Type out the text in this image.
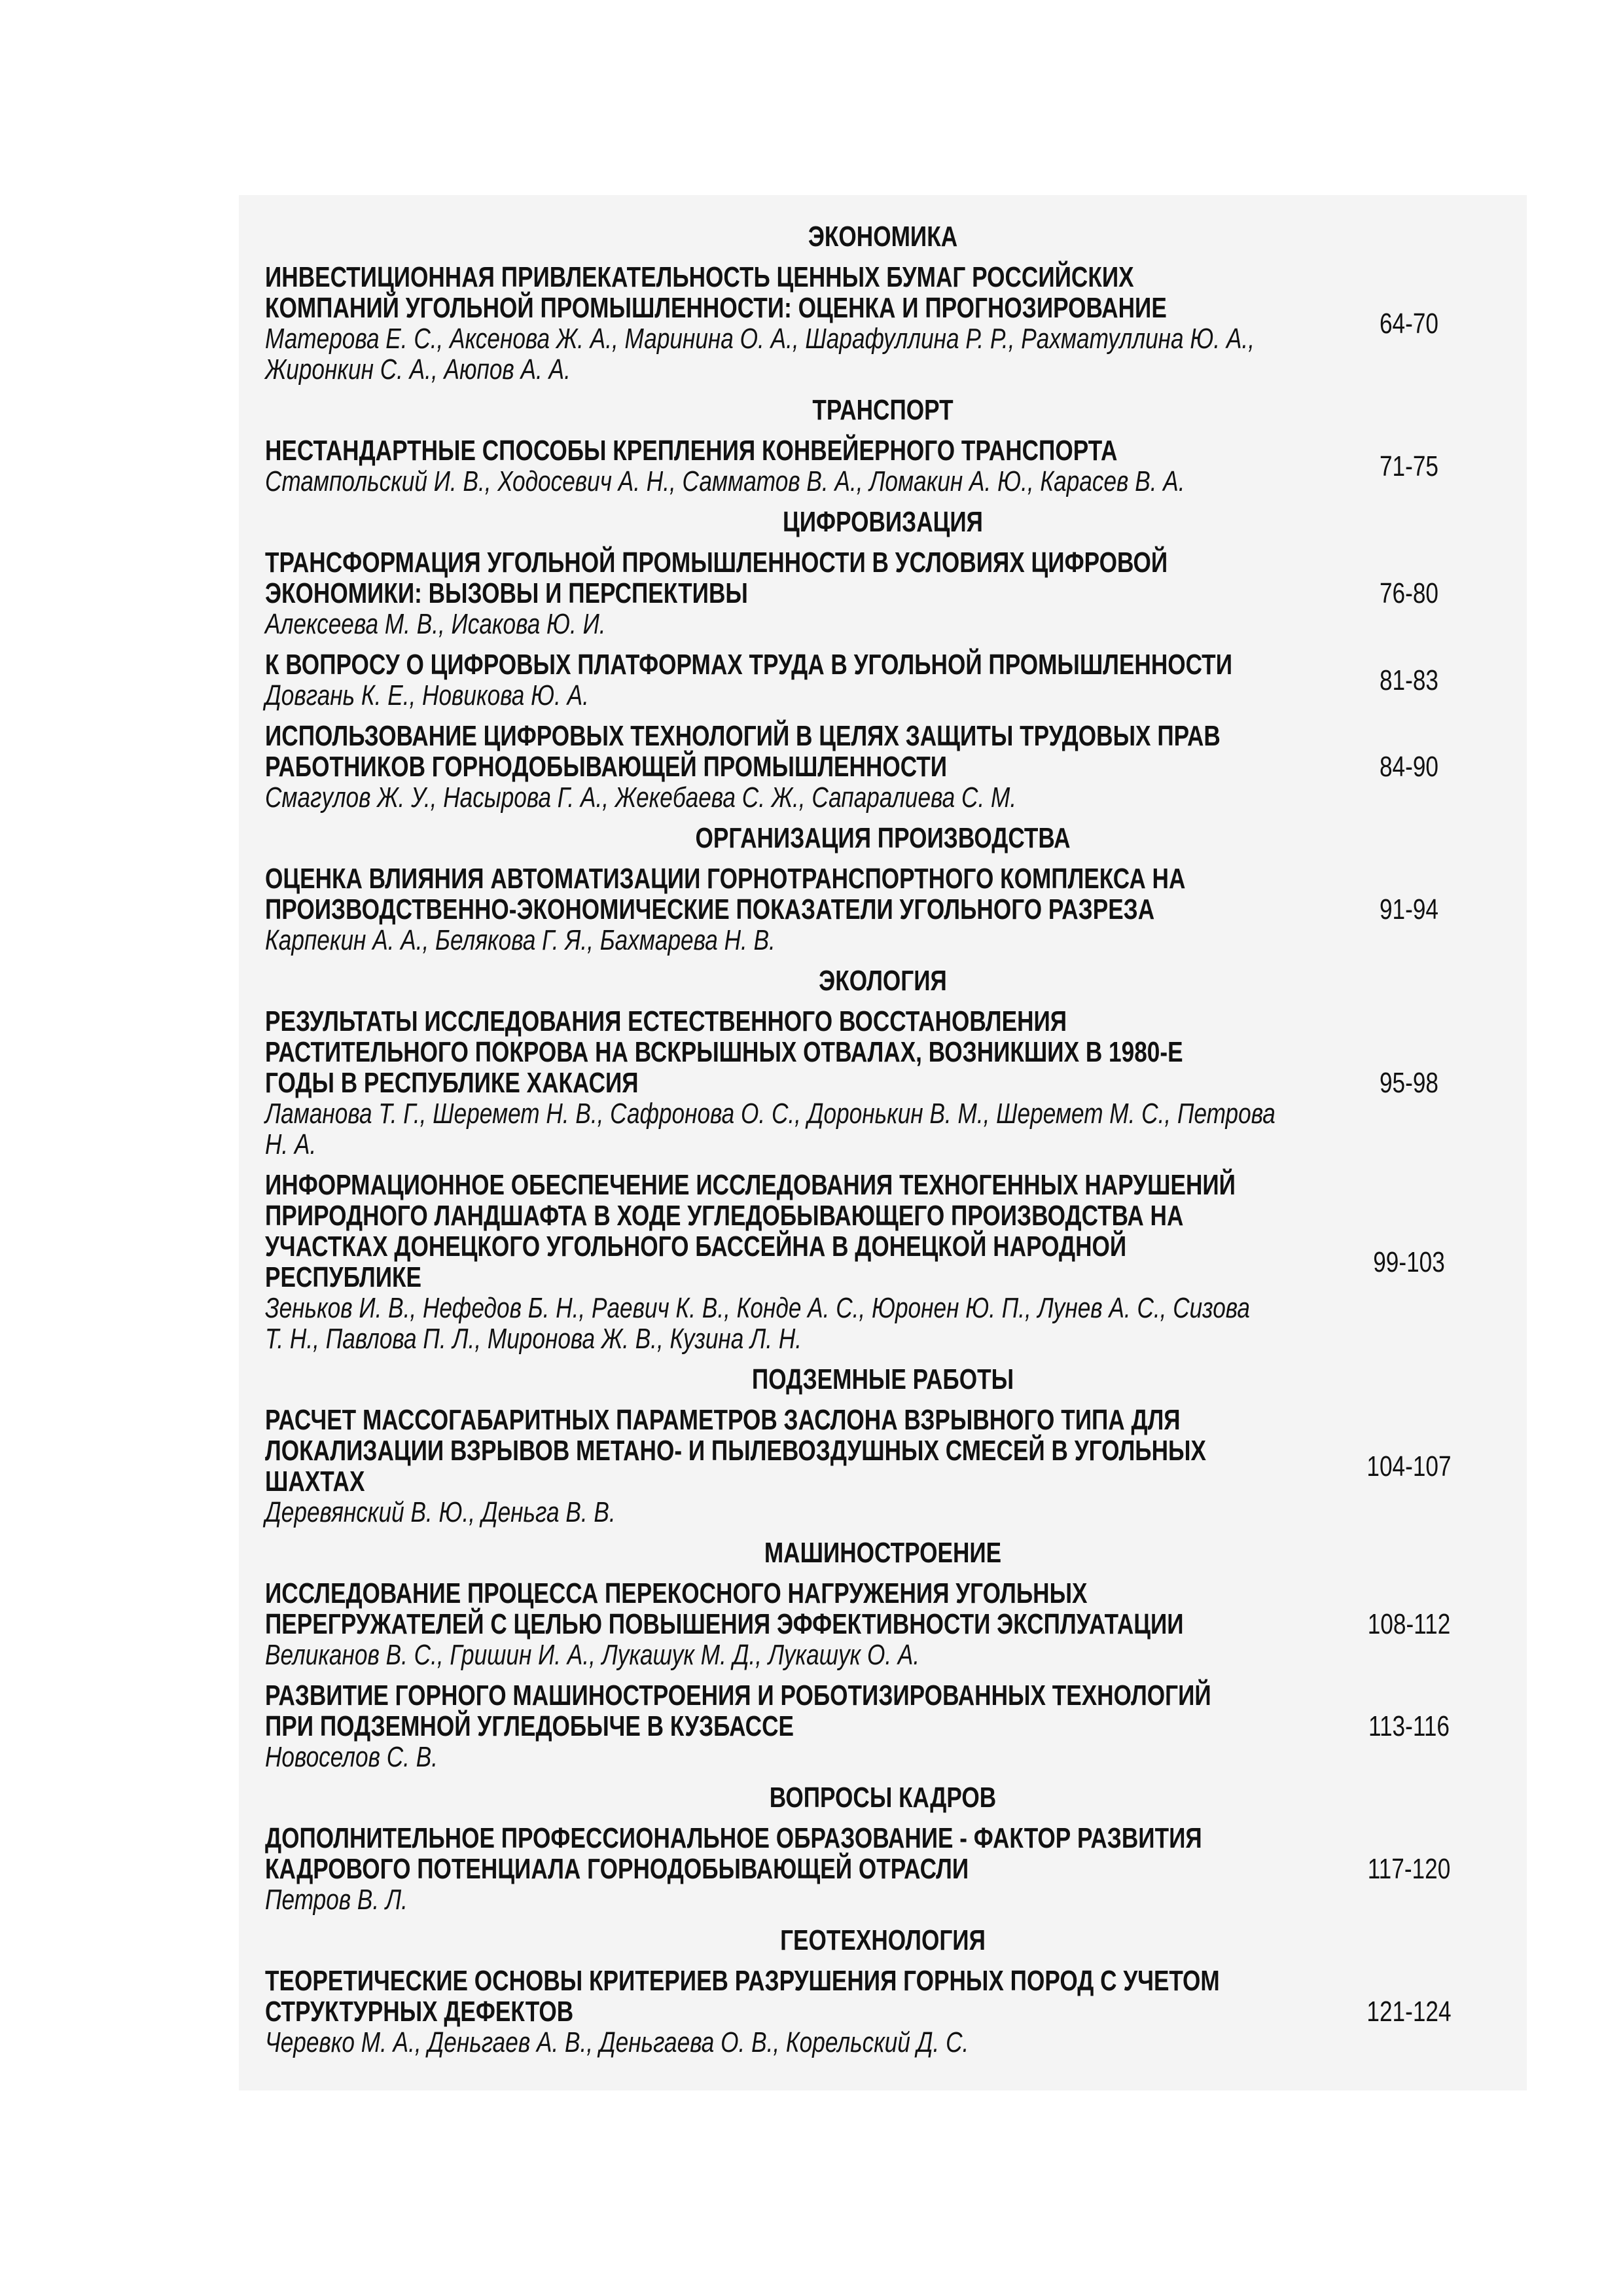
ЭКОНОМИКА
ИНВЕСТИЦИОННАЯ ПРИВЛЕКАТЕЛЬНОСТЬ ЦЕННЫХ БУМАГ РОССИЙСКИХ
КОМПАНИЙ УГОЛЬНОЙ ПРОМЫШЛЕННОСТИ: ОЦЕНКА И ПРОГНОЗИРОВАНИЕ
Матерова Е. С., Аксенова Ж. А., Маринина О. А., Шарафуллина Р. Р., Рахматуллина Ю. А.,
Жиронкин С. А., Аюпов А. А.
64-70
ТРАНСПОРТ
НЕСТАНДАРТНЫЕ СПОСОБЫ КРЕПЛЕНИЯ КОНВЕЙЕРНОГО ТРАНСПОРТА
Стампольский И. В., Ходосевич А. Н., Самматов В. А., Ломакин А. Ю., Карасев В. А.	71-75
ЦИФРОВИЗАЦИЯ
ТРАНСФОРМАЦИЯ УГОЛЬНОЙ ПРОМЫШЛЕННОСТИ В УСЛОВИЯХ ЦИФРОВОЙ
ЭКОНОМИКИ: ВЫЗОВЫ И ПЕРСПЕКТИВЫ
Алексеева М. В., Исакова Ю. И.
76-80
К ВОПРОСУ О ЦИФРОВЫХ ПЛАТФОРМАХ ТРУДА В УГОЛЬНОЙ ПРОМЫШЛЕННОСТИ
Довгань К. Е., Новикова Ю. А.	81-83
ИСПОЛЬЗОВАНИЕ ЦИФРОВЫХ ТЕХНОЛОГИЙ В ЦЕЛЯХ ЗАЩИТЫ ТРУДОВЫХ ПРАВ
РАБОТНИКОВ ГОРНОДОБЫВАЮЩЕЙ ПРОМЫШЛЕННОСТИ
Смагулов Ж. У., Насырова Г. А., Жекебаева С. Ж., Сапаралиева С. М.
84-90
ОРГАНИЗАЦИЯ ПРОИЗВОДСТВА
ОЦЕНКА ВЛИЯНИЯ АВТОМАТИЗАЦИИ ГОРНОТРАНСПОРТНОГО КОМПЛЕКСА НА
ПРОИЗВОДСТВЕННО-ЭКОНОМИЧЕСКИЕ ПОКАЗАТЕЛИ УГОЛЬНОГО РАЗРЕЗА
Карпекин А. А., Белякова Г. Я., Бахмарева Н. В.
91-94
ЭКОЛОГИЯ
РЕЗУЛЬТАТЫ ИССЛЕДОВАНИЯ ЕСТЕСТВЕННОГО ВОССТАНОВЛЕНИЯ
РАСТИТЕЛЬНОГО ПОКРОВА НА ВСКРЫШНЫХ ОТВАЛАХ, ВОЗНИКШИХ В 1980-Е
ГОДЫ В РЕСПУБЛИКЕ ХАКАСИЯ
Ламанова Т. Г., Шеремет Н. В., Сафронова О. С., Доронькин В. М., Шеремет М. С., Петрова
Н. А.
95-98
ИНФОРМАЦИОННОЕ ОБЕСПЕЧЕНИЕ ИССЛЕДОВАНИЯ ТЕХНОГЕННЫХ НАРУШЕНИЙ
ПРИРОДНОГО ЛАНДШАФТА В ХОДЕ УГЛЕДОБЫВАЮЩЕГО ПРОИЗВОДСТВА НА
УЧАСТКАХ ДОНЕЦКОГО УГОЛЬНОГО БАССЕЙНА В ДОНЕЦКОЙ НАРОДНОЙ
РЕСПУБЛИКЕ
Зеньков И. В., Нефедов Б. Н., Раевич К. В., Конде А. С., Юронен Ю. П., Лунев А. С., Сизова
Т. Н., Павлова П. Л., Миронова Ж. В., Кузина Л. Н.
99-103
ПОДЗЕМНЫЕ РАБОТЫ
РАСЧЕТ МАССОГАБАРИТНЫХ ПАРАМЕТРОВ ЗАСЛОНА ВЗРЫВНОГО ТИПА ДЛЯ
ЛОКАЛИЗАЦИИ ВЗРЫВОВ МЕТАНО- И ПЫЛЕВОЗДУШНЫХ СМЕСЕЙ В УГОЛЬНЫХ
ШАХТАХ
Деревянский В. Ю., Деньга В. В.
104-107
МАШИНОСТРОЕНИЕ
ИССЛЕДОВАНИЕ ПРОЦЕССА ПЕРЕКОСНОГО НАГРУЖЕНИЯ УГОЛЬНЫХ
ПЕРЕГРУЖАТЕЛЕЙ С ЦЕЛЬЮ ПОВЫШЕНИЯ ЭФФЕКТИВНОСТИ ЭКСПЛУАТАЦИИ
Великанов В. С., Гришин И. А., Лукашук М. Д., Лукашук О. А.
108-112
РАЗВИТИЕ ГОРНОГО МАШИНОСТРОЕНИЯ И РОБОТИЗИРОВАННЫХ ТЕХНОЛОГИЙ
ПРИ ПОДЗЕМНОЙ УГЛЕДОБЫЧЕ В КУЗБАССЕ
Новоселов С. В.
113-116
ВОПРОСЫ КАДРОВ
ДОПОЛНИТЕЛЬНОЕ ПРОФЕССИОНАЛЬНОЕ ОБРАЗОВАНИЕ - ФАКТОР РАЗВИТИЯ
КАДРОВОГО ПОТЕНЦИАЛА ГОРНОДОБЫВАЮЩЕЙ ОТРАСЛИ
Петров В. Л.
117-120
ГЕОТЕХНОЛОГИЯ
ТЕОРЕТИЧЕСКИЕ ОСНОВЫ КРИТЕРИЕВ РАЗРУШЕНИЯ ГОРНЫХ ПОРОД С УЧЕТОМ
СТРУКТУРНЫХ ДЕФЕКТОВ
Черевко М. А., Деньгаев А. В., Деньгаева О. В., Корельский Д. С.
121-124
